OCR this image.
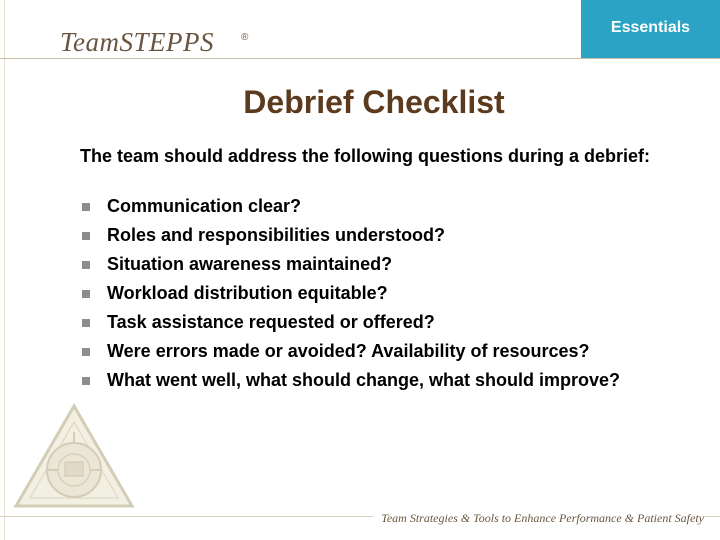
TeamSTEPPS	®
Essentials
Debrief Checklist
The team should address the following questions during a debrief:
Communication clear?
Roles and responsibilities understood?
Situation awareness maintained?
Workload distribution equitable?
Task assistance requested or offered?
Were errors made or avoided? Availability of resources?
What went well, what should change, what should improve?
Team Strategies & Tools to Enhance Performance & Patient Safety
